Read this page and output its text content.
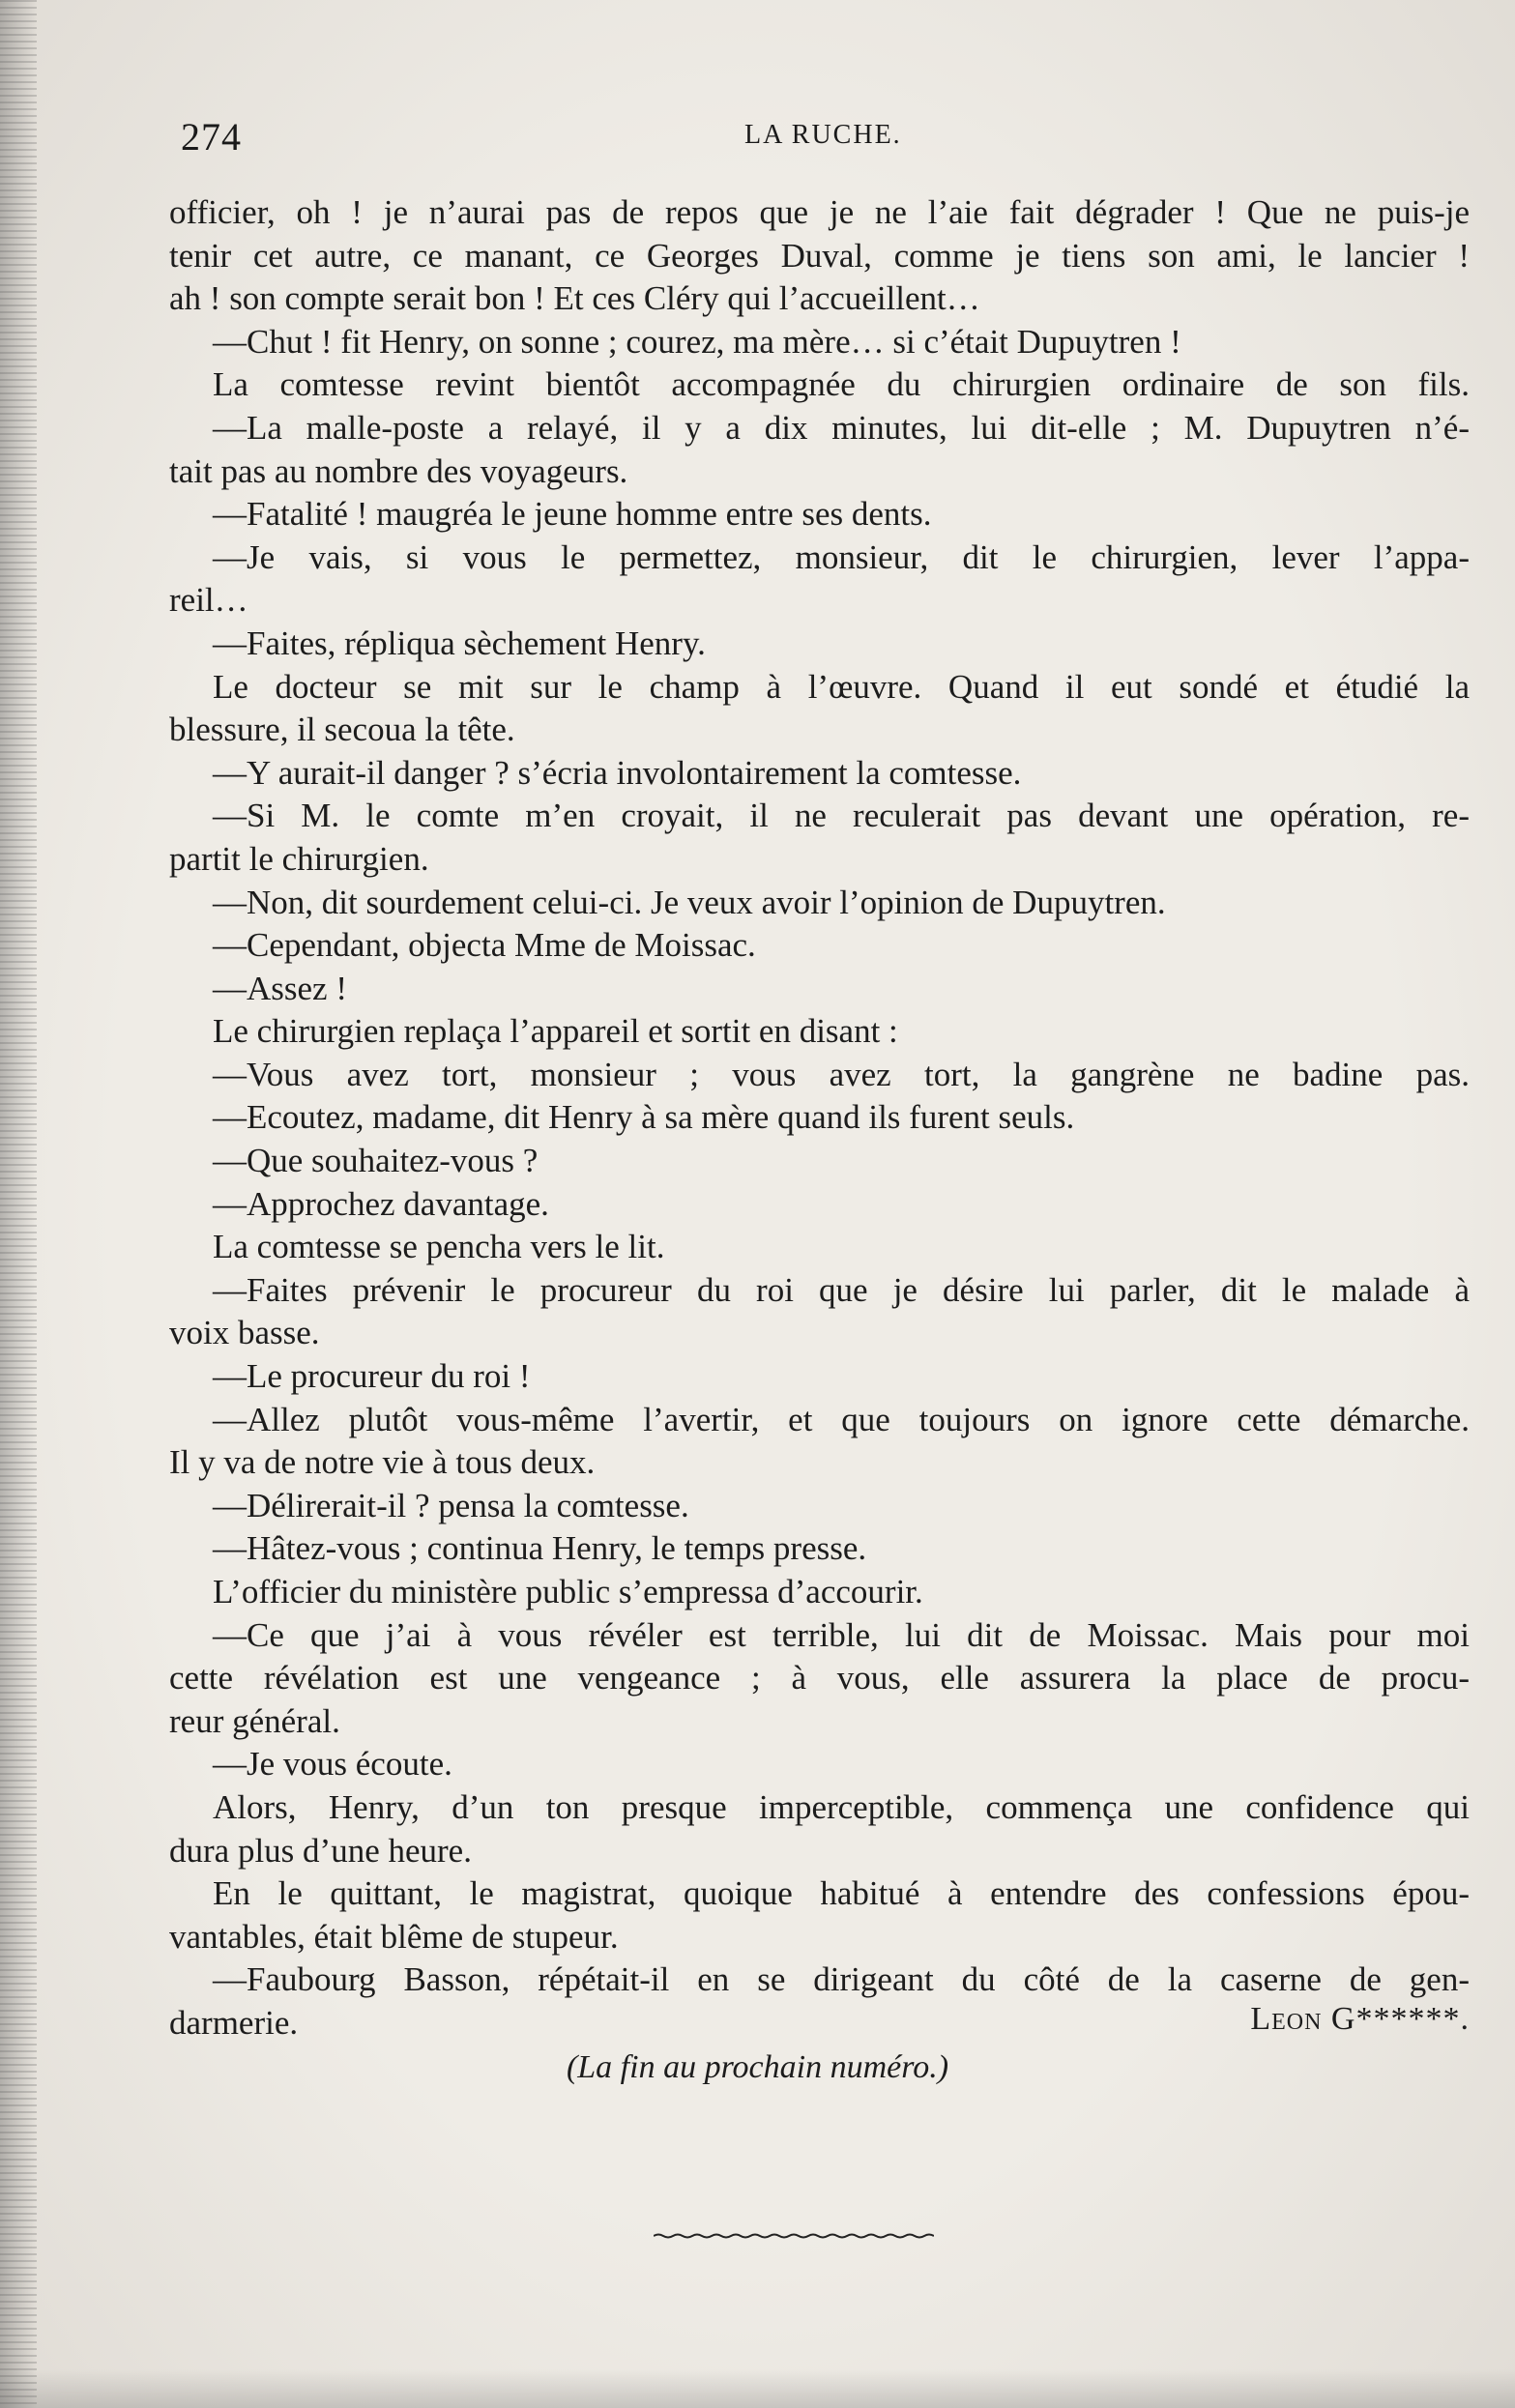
274	LA RUCHE.
officier, oh ! je n’aurai pas de repos que je ne l’aie fait dégrader ! Que ne puis-je
tenir cet autre, ce manant, ce Georges Duval, comme je tiens son ami, le lancier !
ah ! son compte serait bon ! Et ces Cléry qui l’accueillent…
—Chut ! fit Henry, on sonne ; courez, ma mère… si c’était Dupuytren !
La comtesse revint bientôt accompagnée du chirurgien ordinaire de son fils.
—La malle-poste a relayé, il y a dix minutes, lui dit-elle ; M. Dupuytren n’é-
tait pas au nombre des voyageurs.
—Fatalité ! maugréa le jeune homme entre ses dents.
—Je vais, si vous le permettez, monsieur, dit le chirurgien, lever l’appa-
reil…
—Faites, répliqua sèchement Henry.
Le docteur se mit sur le champ à l’œuvre. Quand il eut sondé et étudié la
blessure, il secoua la tête.
—Y aurait-il danger ? s’écria involontairement la comtesse.
—Si M. le comte m’en croyait, il ne reculerait pas devant une opération, re-
partit le chirurgien.
—Non, dit sourdement celui-ci. Je veux avoir l’opinion de Dupuytren.
—Cependant, objecta Mme de Moissac.
—Assez !
Le chirurgien replaça l’appareil et sortit en disant :
—Vous avez tort, monsieur ; vous avez tort, la gangrène ne badine pas.
—Ecoutez, madame, dit Henry à sa mère quand ils furent seuls.
—Que souhaitez-vous ?
—Approchez davantage.
La comtesse se pencha vers le lit.
—Faites prévenir le procureur du roi que je désire lui parler, dit le malade à
voix basse.
—Le procureur du roi !
—Allez plutôt vous-même l’avertir, et que toujours on ignore cette démarche.
Il y va de notre vie à tous deux.
—Délirerait-il ? pensa la comtesse.
—Hâtez-vous ; continua Henry, le temps presse.
L’officier du ministère public s’empressa d’accourir.
—Ce que j’ai à vous révéler est terrible, lui dit de Moissac. Mais pour moi
cette révélation est une vengeance ; à vous, elle assurera la place de procu-
reur général.
—Je vous écoute.
Alors, Henry, d’un ton presque imperceptible, commença une confidence qui
dura plus d’une heure.
En le quittant, le magistrat, quoique habitué à entendre des confessions épou-
vantables, était blême de stupeur.
—Faubourg Basson, répétait-il en se dirigeant du côté de la caserne de gen-
darmerie.	Leon G******.
(La fin au prochain numéro.)
